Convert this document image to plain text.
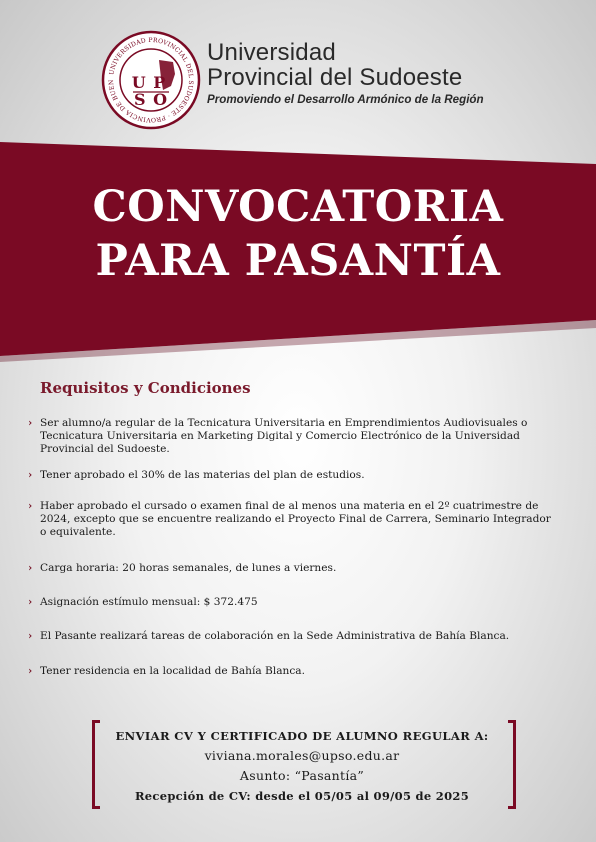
UNIVERSIDAD PROVINCIAL DEL SUDOESTE · PROVINCIA DE BUEN	U P
S O
Universidad
Provincial del Sudoeste
Promoviendo el Desarrollo Armónico de la Región
CONVOCATORIA
PARA PASANTÍA
Requisitos y Condiciones
› Ser alumno/a regular de la Tecnicatura Universitaria en Emprendimientos Audiovisuales o Tecnicatura Universitaria en Marketing Digital y Comercio Electrónico de la Universidad Provincial del Sudoeste.
› Tener aprobado el 30% de las materias del plan de estudios.
› Haber aprobado el cursado o examen final de al menos una materia en el 2º cuatrimestre de 2024, excepto que se encuentre realizando el Proyecto Final de Carrera, Seminario Integrador o equivalente.
› Carga horaria: 20 horas semanales, de lunes a viernes.
› Asignación estímulo mensual: $ 372.475
› El Pasante realizará tareas de colaboración en la Sede Administrativa de Bahía Blanca.
› Tener residencia en la localidad de Bahía Blanca.
ENVIAR CV Y CERTIFICADO DE ALUMNO REGULAR A:
viviana.morales@upso.edu.ar
Asunto: “Pasantía”
Recepción de CV: desde el 05/05 al 09/05 de 2025
